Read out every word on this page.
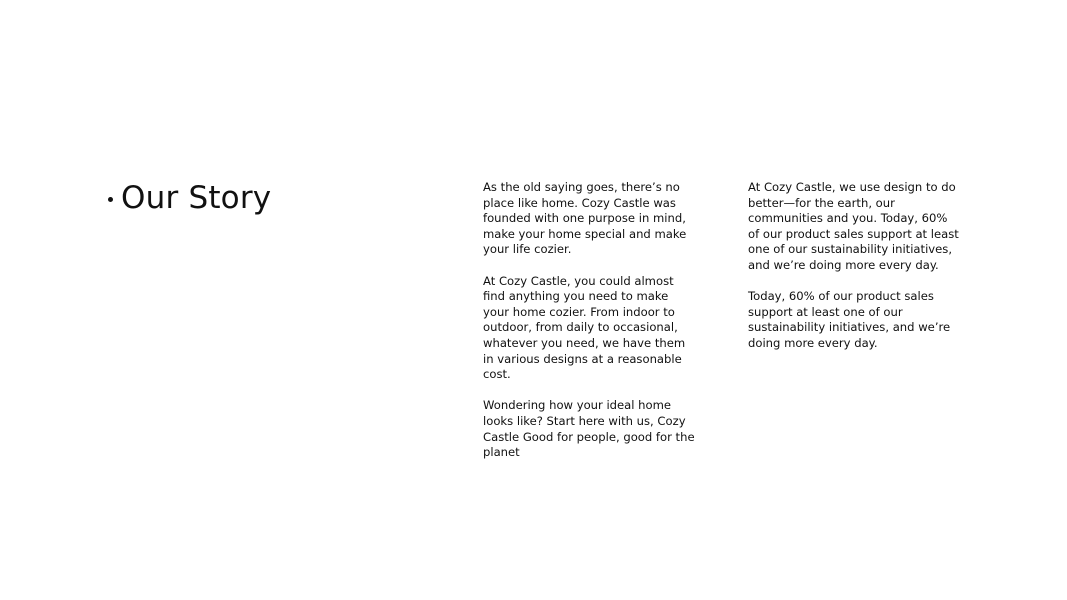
Our Story	As the old saying goes, there’s no place like home. Cozy Castle was founded with one purpose in mind, make your home special and make your life cozier.

At Cozy Castle, you could almost find anything you need to make your home cozier. From indoor to outdoor, from daily to occasional, whatever you need, we have them in various designs at a reasonable cost.

Wondering how your ideal home looks like? Start here with us, Cozy Castle Good for people, good for the planet

At Cozy Castle, we use design to do better—for the earth, our communities and you. Today, 60% of our product sales support at least one of our sustainability initiatives, and we’re doing more every day.

Today, 60% of our product sales support at least one of our sustainability initiatives, and we’re doing more every day.
